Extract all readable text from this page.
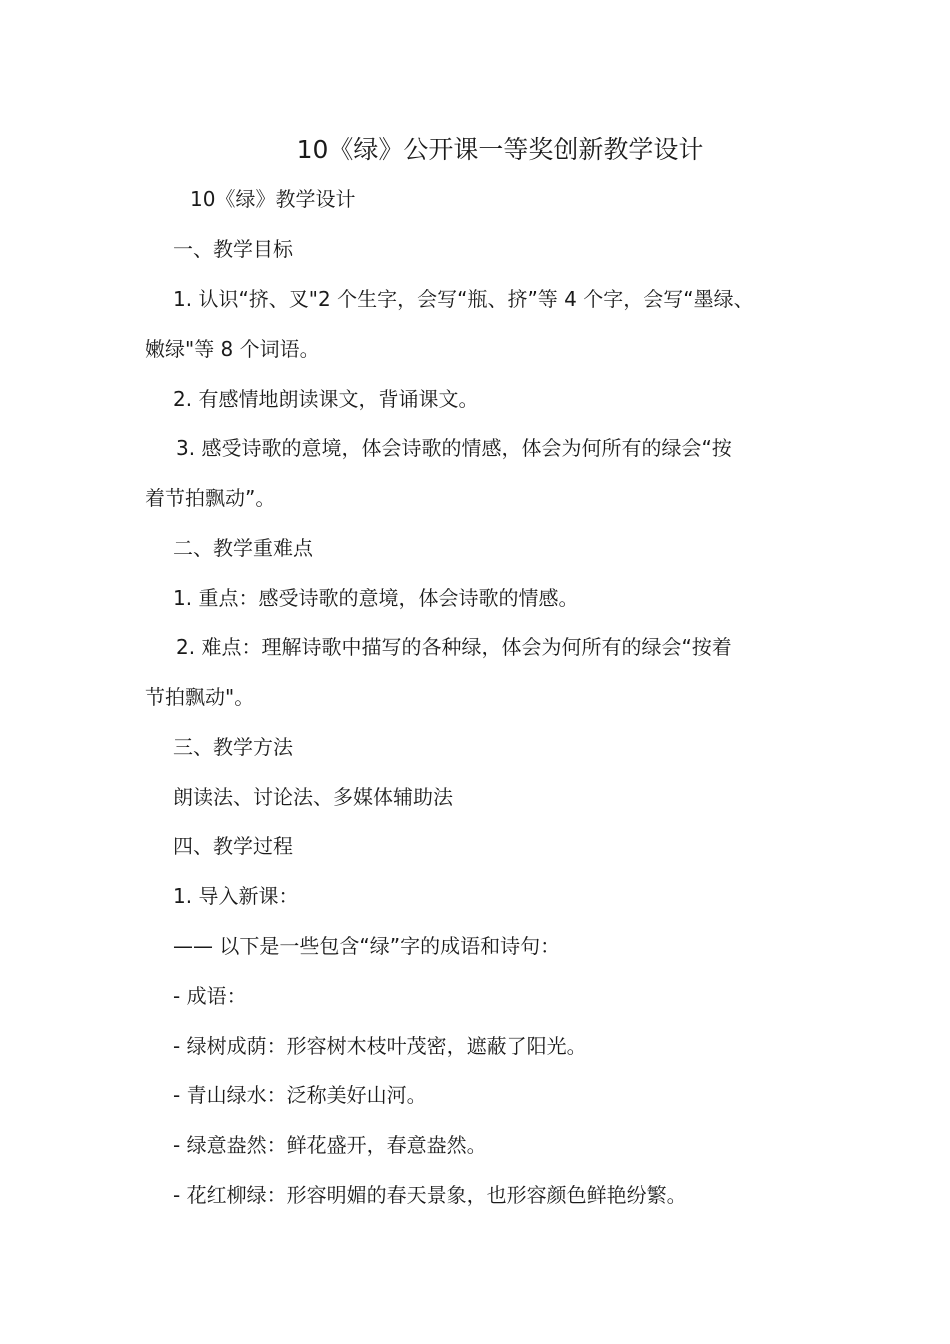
10《绿》公开课一等奖创新教学设计
10《绿》教学设计
一、教学目标
1. 认识“挤、叉"2 个生字，会写“瓶、挤”等 4 个字，会写“墨绿、
嫩绿"等 8 个词语。
2. 有感情地朗读课文，背诵课文。
3. 感受诗歌的意境，体会诗歌的情感，体会为何所有的绿会“按
着节拍飘动”。
二、教学重难点
1. 重点：感受诗歌的意境，体会诗歌的情感。
2. 难点：理解诗歌中描写的各种绿，体会为何所有的绿会“按着
节拍飘动"。
三、教学方法
朗读法、讨论法、多媒体辅助法
四、教学过程
1. 导入新课：
—— 以下是一些包含“绿”字的成语和诗句：
- 成语：
- 绿树成荫：形容树木枝叶茂密，遮蔽了阳光。
- 青山绿水：泛称美好山河。
- 绿意盎然：鲜花盛开，春意盎然。
- 花红柳绿：形容明媚的春天景象，也形容颜色鲜艳纷繁。
